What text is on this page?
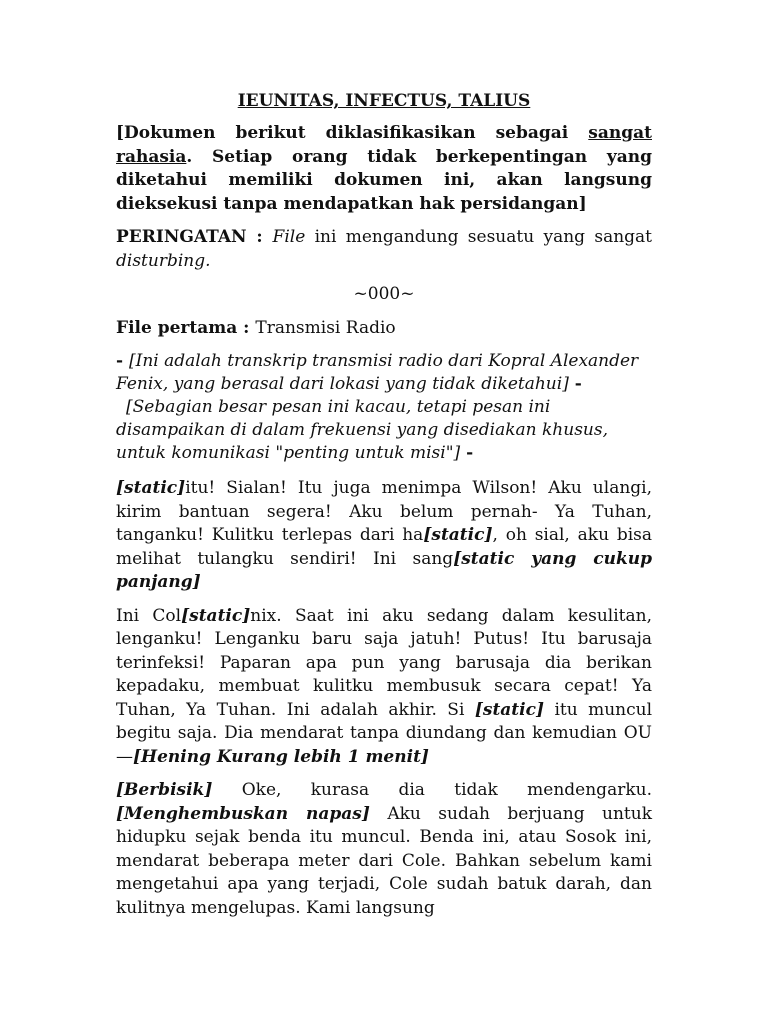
IEUNITAS, INFECTUS, TALIUS

[Dokumen berikut diklasifikasikan sebagai sangat rahasia. Setiap orang tidak berkepentingan yang diketahui memiliki dokumen ini, akan langsung dieksekusi tanpa mendapatkan hak persidangan]

PERINGATAN : File ini mengandung sesuatu yang sangat disturbing.

~000~

File pertama : Transmisi Radio

- [Ini adalah transkrip transmisi radio dari Kopral Alexander Fenix, yang berasal dari lokasi yang tidak diketahui] -
[Sebagian besar pesan ini kacau, tetapi pesan ini disampaikan di dalam frekuensi yang disediakan khusus, untuk komunikasi "penting untuk misi"] -

[static]itu! Sialan! Itu juga menimpa Wilson! Aku ulangi, kirim bantuan segera! Aku belum pernah- Ya Tuhan, tanganku! Kulitku terlepas dari ha[static], oh sial, aku bisa melihat tulangku sendiri! Ini sang[static yang cukup panjang]

Ini Col[static]nix. Saat ini aku sedang dalam kesulitan, lenganku! Lenganku baru saja jatuh! Putus! Itu barusaja terinfeksi! Paparan apa pun yang barusaja dia berikan kepadaku, membuat kulitku membusuk secara cepat! Ya Tuhan, Ya Tuhan. Ini adalah akhir. Si [static] itu muncul begitu saja. Dia mendarat tanpa diundang dan kemudian OU—[Hening Kurang lebih 1 menit]

[Berbisik] Oke, kurasa dia tidak mendengarku. [Menghembuskan napas] Aku sudah berjuang untuk hidupku sejak benda itu muncul. Benda ini, atau Sosok ini, mendarat beberapa meter dari Cole. Bahkan sebelum kami mengetahui apa yang terjadi, Cole sudah batuk darah, dan kulitnya mengelupas. Kami langsung
